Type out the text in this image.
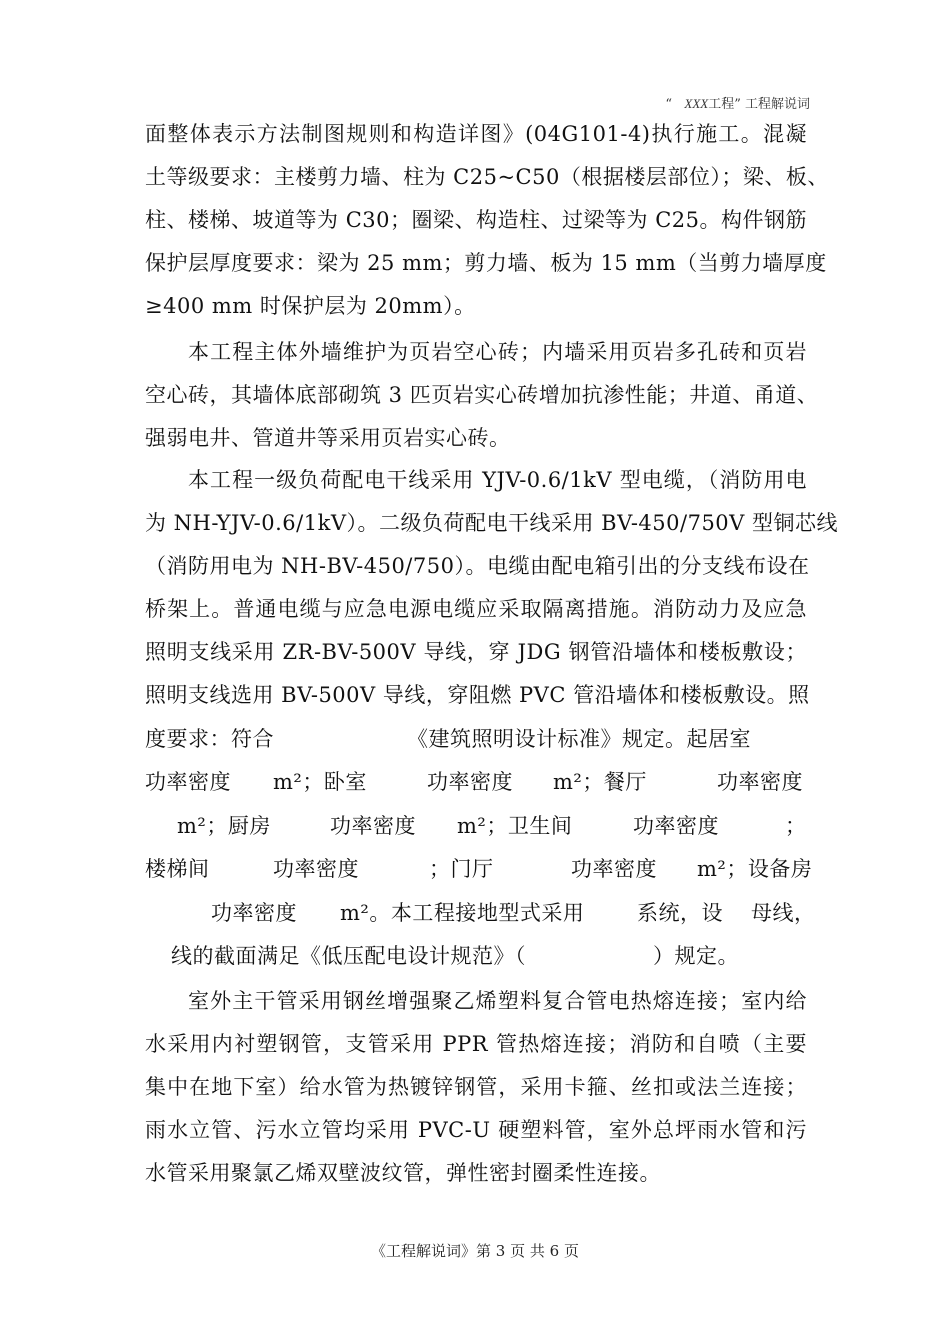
“ XXX工程” 工程解说词
面整体表示方法制图规则和构造详图》(04G101-4)执行施工。混凝
土等级要求：主楼剪力墙、柱为 C25~C50（根据楼层部位）；梁、板、
柱、楼梯、坡道等为 C30；圈梁、构造柱、过梁等为 C25。构件钢筋
保护层厚度要求：梁为 25 mm；剪力墙、板为 15 mm（当剪力墙厚度
≥400 mm 时保护层为 20mm）。
本工程主体外墙维护为页岩空心砖；内墙采用页岩多孔砖和页岩
空心砖，其墙体底部砌筑 3 匹页岩实心砖增加抗渗性能；井道、甬道、
强弱电井、管道井等采用页岩实心砖。
本工程一级负荷配电干线采用 YJV-0.6/1kV 型电缆，（消防用电
为 NH-YJV-0.6/1kV）。二级负荷配电干线采用 BV-450/750V 型铜芯线
（消防用电为 NH-BV-450/750）。电缆由配电箱引出的分支线布设在
桥架上。普通电缆与应急电源电缆应采取隔离措施。消防动力及应急
照明支线采用 ZR-BV-500V 导线，穿 JDG 钢管沿墙体和楼板敷设；
照明支线选用 BV-500V 导线，穿阻燃 PVC 管沿墙体和楼板敷设。照
度要求：符合	《建筑照明设计标准》规定。起居室
功率密度 m²；卧室	功率密度 m²；餐厅	功率密度
m²；厨房	功率密度 m²；卫生间	功率密度	；
楼梯间	功率密度	；门厅	功率密度 m²；设备房
功率密度 m²。本工程接地型式采用	系统，设 母线，
线的截面满足《低压配电设计规范》（	）规定。
室外主干管采用钢丝增强聚乙烯塑料复合管电热熔连接；室内给
水采用内衬塑钢管，支管采用 PPR 管热熔连接；消防和自喷（主要
集中在地下室）给水管为热镀锌钢管，采用卡箍、丝扣或法兰连接；
雨水立管、污水立管均采用 PVC-U 硬塑料管，室外总坪雨水管和污
水管采用聚氯乙烯双壁波纹管，弹性密封圈柔性连接。
《工程解说词》第 3 页 共 6 页
